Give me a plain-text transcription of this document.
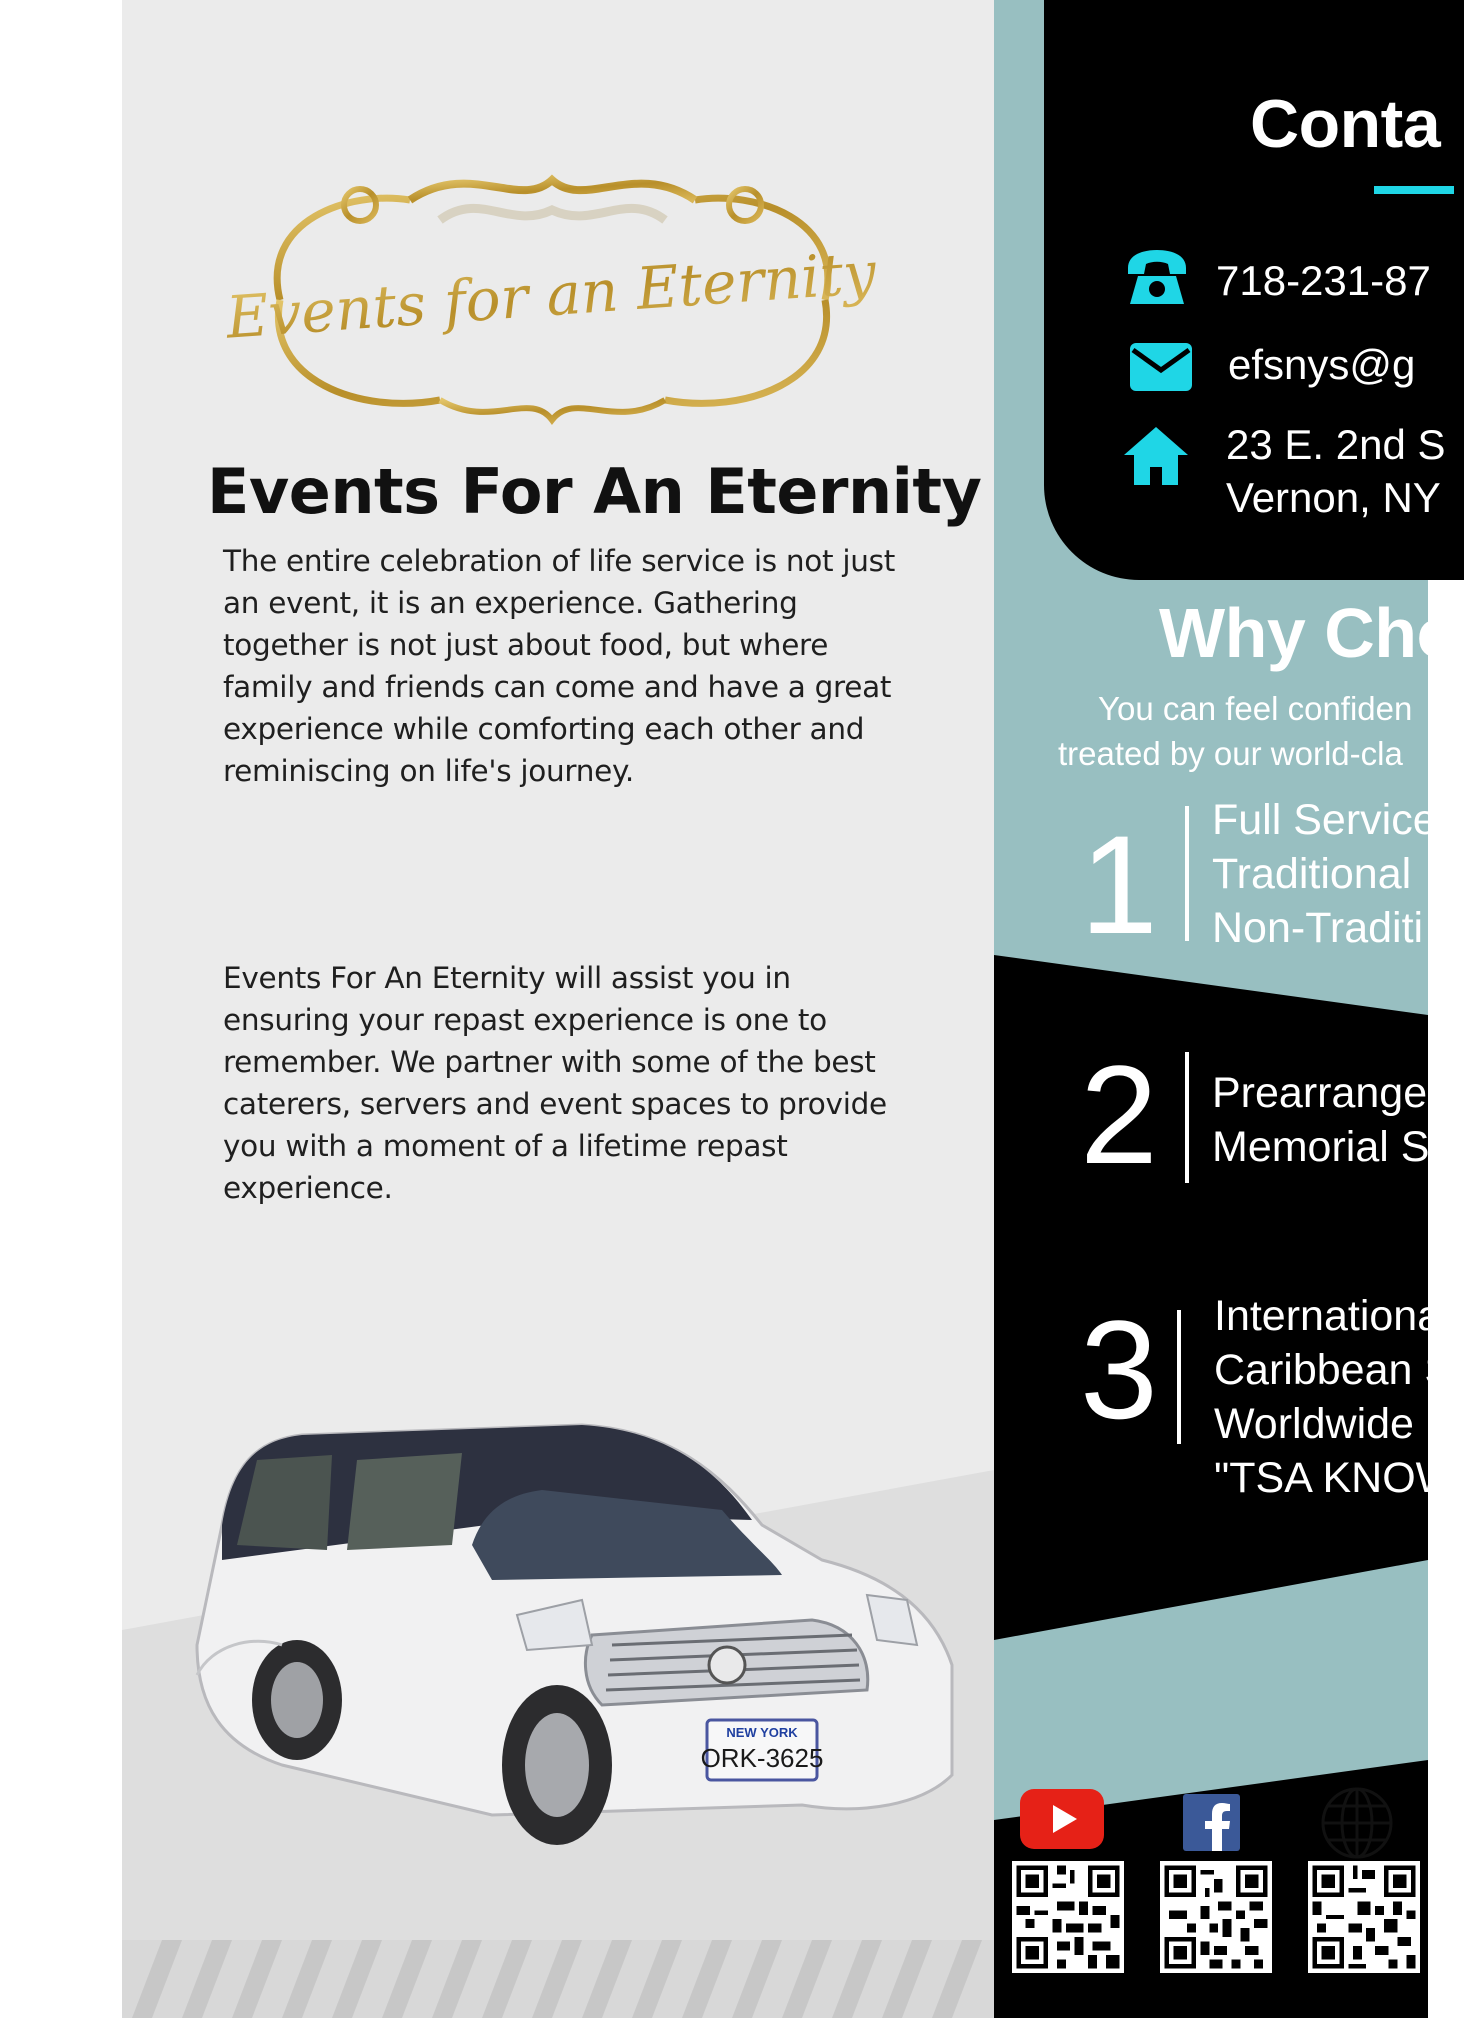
Events for an Eternity
Events For An Eternity

The entire celebration of life service is not just an event, it is an experience. Gathering together is not just about food, but where family and friends can come and have a great experience while comforting each other and reminiscing on life's journey.

Events For An Eternity will assist you in ensuring your repast experience is one to remember. We partner with some of the best caterers, servers and event spaces to provide you with a moment of a lifetime repast experience.

NEW YORK
ORK-3625
Conta

718-231-87

efsnys@g

23 E. 2nd S

Vernon, NY

Why Cho

You can feel confiden

treated by our world-cla

1 Full Service

Traditional

Non-Traditi

2 Prearrange

Memorial S

3 Internationa

Caribbean S

Worldwide

"TSA KNOW
